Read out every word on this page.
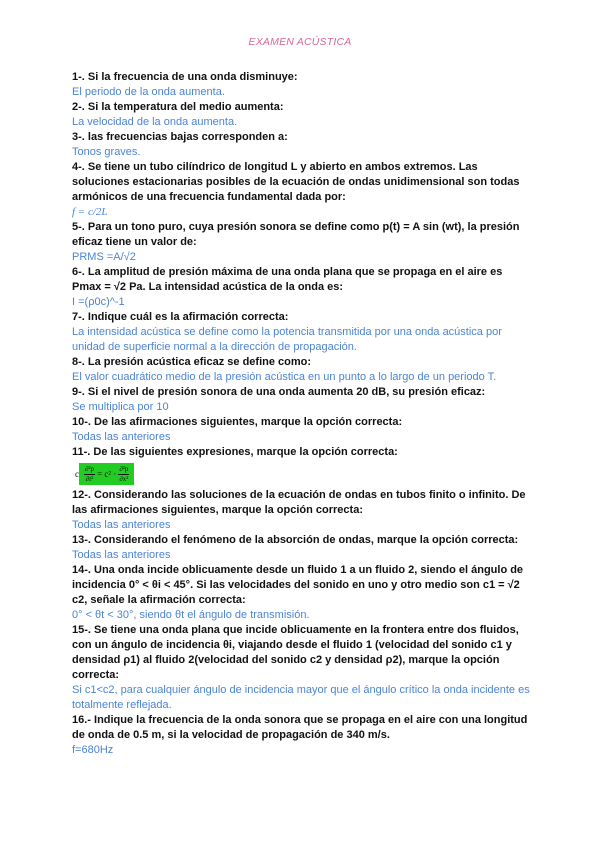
EXAMEN ACÚSTICA

1-. Si la frecuencia de una onda disminuye:

El periodo de la onda aumenta.

2-. Si la temperatura del medio aumenta:

La velocidad de la onda aumenta.

3-. las frecuencias bajas corresponden a:

Tonos graves.

4-. Se tiene un tubo cilíndrico de longitud L y abierto en ambos extremos. Las soluciones estacionarias posibles de la ecuación de ondas unidimensional son todas armónicos de una frecuencia fundamental dada por:

f = c/2L

5-. Para un tono puro, cuya presión sonora se define como p(t) = A sin (wt), la presión eficaz tiene un valor de:

PRMS =A/√2

6-. La amplitud de presión máxima de una onda plana que se propaga en el aire es Pmax = √2 Pa. La intensidad acústica de la onda es:

I =(ρ0c)^-1

7-. Indique cuál es la afirmación correcta:

La intensidad acústica se define como la potencia transmitida por una onda acústica por unidad de superficie normal a la dirección de propagación.

8-. La presión acústica eficaz se define como:

El valor cuadrático medio de la presión acústica en un punto a lo largo de un periodo T.

9-. Si el nivel de presión sonora de una onda aumenta 20 dB, su presión eficaz:

Se multiplica por 10

10-. De las afirmaciones siguientes, marque la opción correcta:

Todas las anteriores

11-. De las siguientes expresiones, marque la opción correcta:

c $\frac{\text{∂²p}}{\text{∂t²}} = c^2 \cdot \frac{\text{∂²p}}{\text{∂x²}}$

12-. Considerando las soluciones de la ecuación de ondas en tubos finito o infinito. De las afirmaciones siguientes, marque la opción correcta:

Todas las anteriores

13-. Considerando el fenómeno de la absorción de ondas, marque la opción correcta:

Todas las anteriores

14-. Una onda incide oblicuamente desde un fluido 1 a un fluido 2, siendo el ángulo de incidencia 0° < θi < 45°. Si las velocidades del sonido en uno y otro medio son c1 = √2 c2, señale la afirmación correcta:

0° < θt < 30°, siendo θt el ángulo de transmisión.

15-. Se tiene una onda plana que incide oblicuamente en la frontera entre dos fluidos, con un ángulo de incidencia θi, viajando desde el fluido 1 (velocidad del sonido c1 y densidad ρ1) al fluido 2(velocidad del sonido c2 y densidad ρ2), marque la opción correcta:

Si c1<c2, para cualquier ángulo de incidencia mayor que el ángulo crítico la onda incidente es totalmente reflejada.

16.- Indique la frecuencia de la onda sonora que se propaga en el aire con una longitud de onda de 0.5 m, si la velocidad de propagación de 340 m/s.

f=680Hz
